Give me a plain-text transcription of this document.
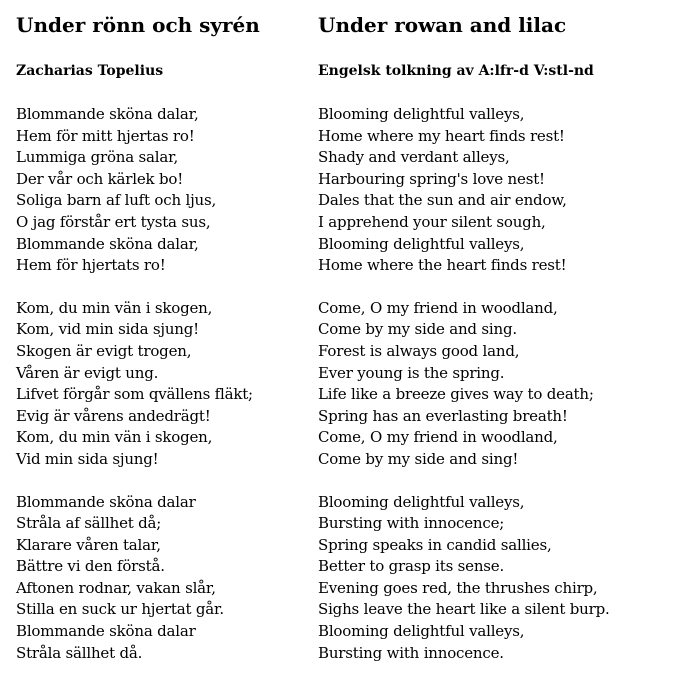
Under rönn och syrén
Zacharias Topelius
Blommande sköna dalar,
Hem för mitt hjertas ro!
Lummiga gröna salar,
Der vår och kärlek bo!
Soliga barn af luft och ljus,
O jag förstår ert tysta sus,
Blommande sköna dalar,
Hem för hjertats ro!
Kom, du min vän i skogen,
Kom, vid min sida sjung!
Skogen är evigt trogen,
Våren är evigt ung.
Lifvet förgår som qvällens fläkt;
Evig är vårens andedrägt!
Kom, du min vän i skogen,
Vid min sida sjung!
Blommande sköna dalar
Stråla af sällhet då;
Klarare våren talar,
Bättre vi den förstå.
Aftonen rodnar, vakan slår,
Stilla en suck ur hjertat går.
Blommande sköna dalar
Stråla sällhet då.
Under rowan and lilac
Engelsk tolkning av A:lfr-d V:stl-nd
Blooming delightful valleys,
Home where my heart finds rest!
Shady and verdant alleys,
Harbouring spring's love nest!
Dales that the sun and air endow,
I apprehend your silent sough,
Blooming delightful valleys,
Home where the heart finds rest!
Come, O my friend in woodland,
Come by my side and sing.
Forest is always good land,
Ever young is the spring.
Life like a breeze gives way to death;
Spring has an everlasting breath!
Come, O my friend in woodland,
Come by my side and sing!
Blooming delightful valleys,
Bursting with innocence;
Spring speaks in candid sallies,
Better to grasp its sense.
Evening goes red, the thrushes chirp,
Sighs leave the heart like a silent burp.
Blooming delightful valleys,
Bursting with innocence.
